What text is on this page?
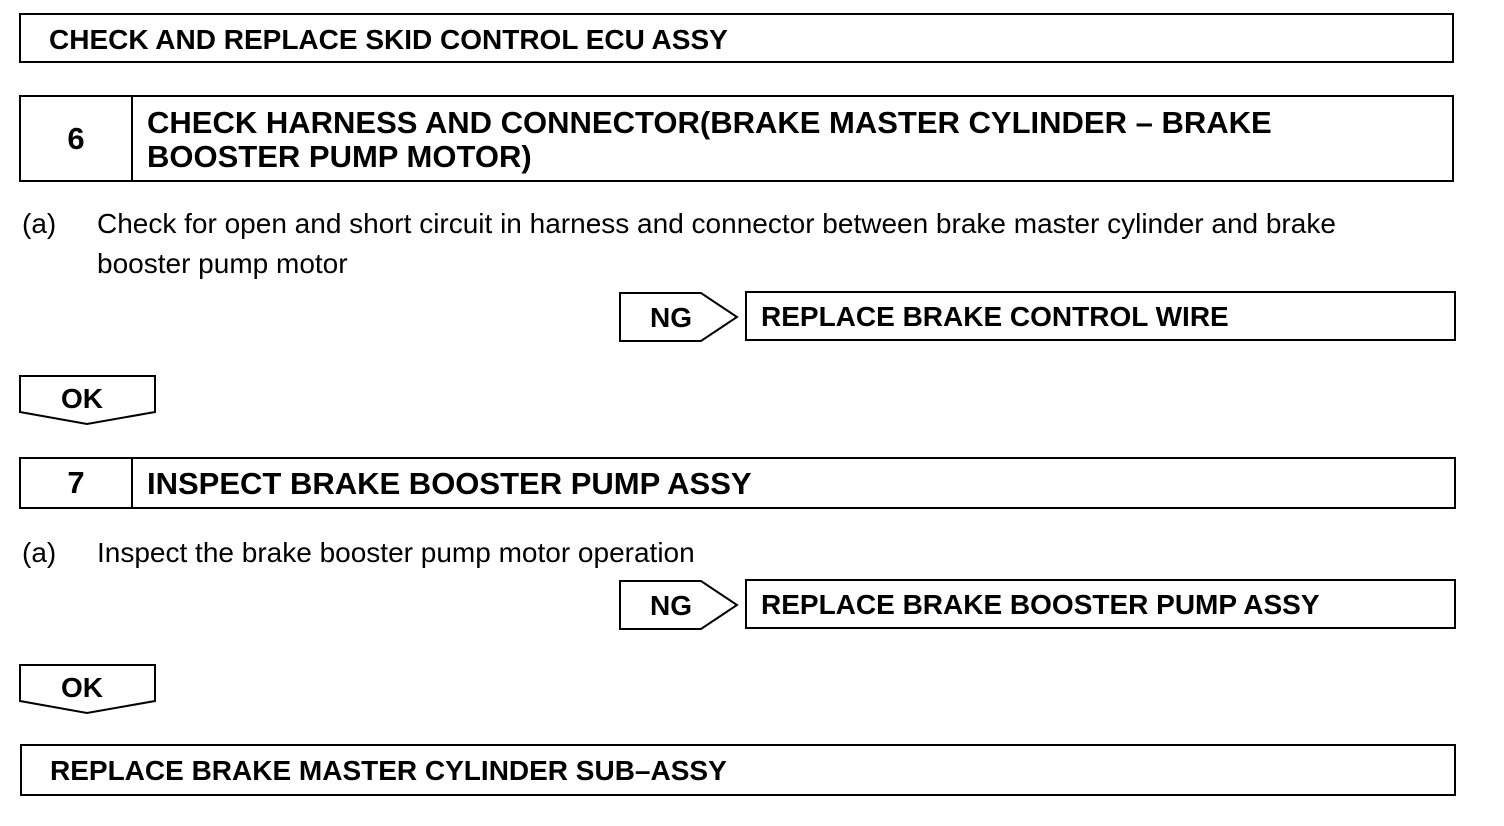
CHECK AND REPLACE SKID CONTROL ECU ASSY
6	CHECK HARNESS AND CONNECTOR(BRAKE MASTER CYLINDER – BRAKE
BOOSTER PUMP MOTOR)
(a) Check for open and short circuit in harness and connector between brake master cylinder and brake
booster pump motor
NG REPLACE BRAKE CONTROL WIRE
OK
7	INSPECT BRAKE BOOSTER PUMP ASSY
(a) Inspect the brake booster pump motor operation
NG REPLACE BRAKE BOOSTER PUMP ASSY
OK
REPLACE BRAKE MASTER CYLINDER SUB–ASSY
